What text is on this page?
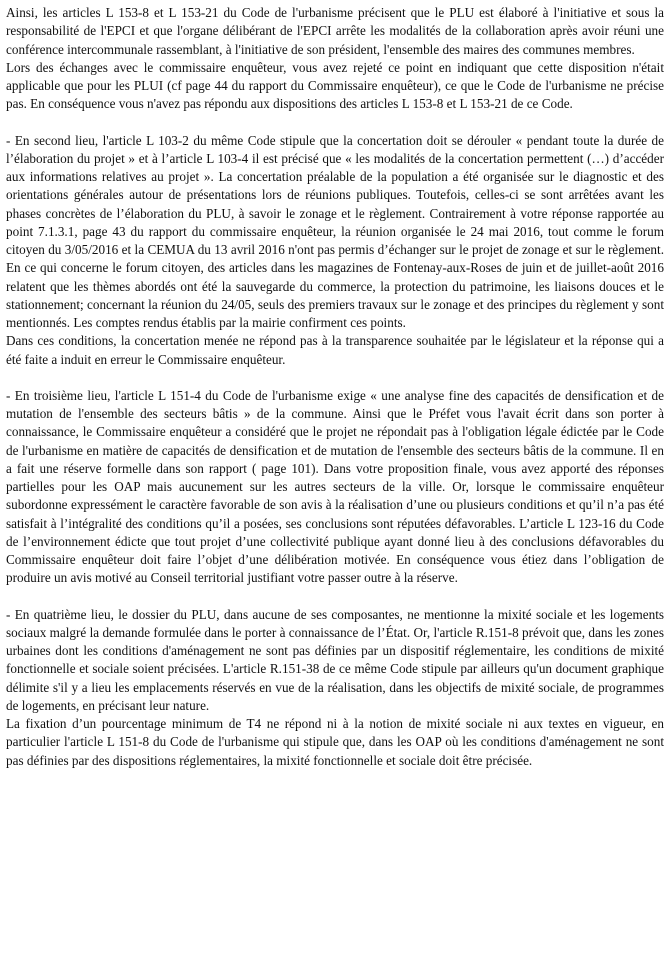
Ainsi, les articles L 153-8 et L 153-21 du Code de l'urbanisme précisent que le PLU est élaboré à l'initiative et sous la responsabilité de l'EPCI et que l'organe délibérant de l'EPCI arrête les modalités de la collaboration après avoir réuni une conférence intercommunale rassemblant, à l'initiative de son président, l'ensemble des maires des communes membres.

Lors des échanges avec le commissaire enquêteur, vous avez rejeté ce point en indiquant que cette disposition n'était applicable que pour les PLUI (cf page 44 du rapport du Commissaire enquêteur), ce que le Code de l'urbanisme ne précise pas. En conséquence vous n'avez pas répondu aux dispositions des articles L 153-8 et L 153-21 de ce Code.

- En second lieu, l'article L 103-2 du même Code stipule que la concertation doit se dérouler « pendant toute la durée de l’élaboration du projet » et à l’article L 103-4 il est précisé que « les modalités de la concertation permettent (…) d’accéder aux informations relatives au projet ». La concertation préalable de la population a été organisée sur le diagnostic et des orientations générales autour de présentations lors de réunions publiques. Toutefois, celles-ci se sont arrêtées avant les phases concrètes de l’élaboration du PLU, à savoir le zonage et le règlement. Contrairement à votre réponse rapportée au point 7.1.3.1, page 43 du rapport du commissaire enquêteur, la réunion organisée le 24 mai 2016, tout comme le forum citoyen du 3/05/2016 et la CEMUA du 13 avril 2016 n'ont pas permis d’échanger sur le projet de zonage et sur le règlement. En ce qui concerne le forum citoyen, des articles dans les magazines de Fontenay-aux-Roses de juin et de juillet-août 2016 relatent que les thèmes abordés ont été la sauvegarde du commerce, la protection du patrimoine, les liaisons douces et le stationnement; concernant la réunion du 24/05, seuls des premiers travaux sur le zonage et des principes du règlement y sont mentionnés. Les comptes rendus établis par la mairie confirment ces points.

Dans ces conditions, la concertation menée ne répond pas à la transparence souhaitée par le législateur et la réponse qui a été faite a induit en erreur le Commissaire enquêteur.

- En troisième lieu, l'article L 151-4 du Code de l'urbanisme exige « une analyse fine des capacités de densification et de mutation de l'ensemble des secteurs bâtis » de la commune. Ainsi que le Préfet vous l'avait écrit dans son porter à connaissance, le Commissaire enquêteur a considéré que le projet ne répondait pas à l'obligation légale édictée par le Code de l'urbanisme en matière de capacités de densification et de mutation de l'ensemble des secteurs bâtis de la commune. Il en a fait une réserve formelle dans son rapport ( page 101). Dans votre proposition finale, vous avez apporté des réponses partielles pour les OAP mais aucunement sur les autres secteurs de la ville. Or, lorsque le commissaire enquêteur subordonne expressément le caractère favorable de son avis à la réalisation d’une ou plusieurs conditions et qu’il n’a pas été satisfait à l’intégralité des conditions qu’il a posées, ses conclusions sont réputées défavorables. L’article L 123-16 du Code de l’environnement édicte que tout projet d’une collectivité publique ayant donné lieu à des conclusions défavorables du Commissaire enquêteur doit faire l’objet d’une délibération motivée. En conséquence vous étiez dans l’obligation de produire un avis motivé au Conseil territorial justifiant votre passer outre à la réserve.

- En quatrième lieu, le dossier du PLU, dans aucune de ses composantes, ne mentionne la mixité sociale et les logements sociaux malgré la demande formulée dans le porter à connaissance de l’État. Or, l'article R.151-8 prévoit que, dans les zones urbaines dont les conditions d'aménagement ne sont pas définies par un dispositif réglementaire, les conditions de mixité fonctionnelle et sociale soient précisées. L'article R.151-38 de ce même Code stipule par ailleurs qu'un document graphique délimite s'il y a lieu les emplacements réservés en vue de la réalisation, dans les objectifs de mixité sociale, de programmes de logements, en précisant leur nature.

La fixation d’un pourcentage minimum de T4 ne répond ni à la notion de mixité sociale ni aux textes en vigueur, en particulier l'article L 151-8 du Code de l'urbanisme qui stipule que, dans les OAP où les conditions d'aménagement ne sont pas définies par des dispositions réglementaires, la mixité fonctionnelle et sociale doit être précisée.
